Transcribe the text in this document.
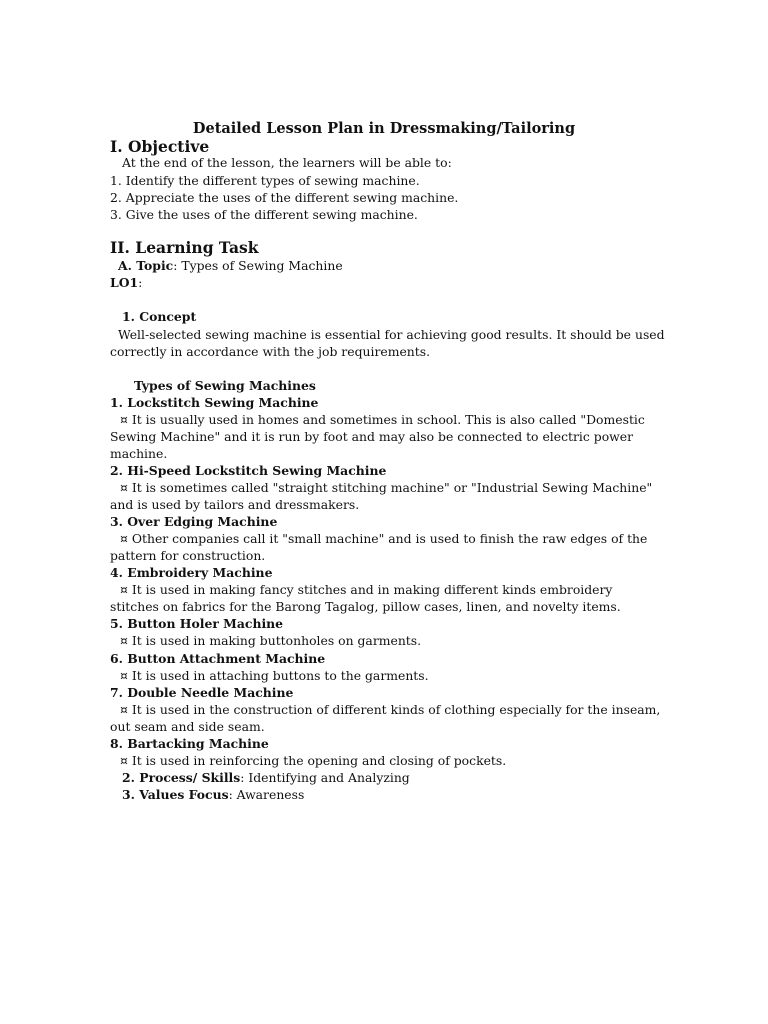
Detailed Lesson Plan in Dressmaking/Tailoring
I. Objective
At the end of the lesson, the learners will be able to:
1. Identify the different types of sewing machine.
2. Appreciate the uses of the different sewing machine.
3. Give the uses of the different sewing machine.
II. Learning Task
A. Topic: Types of Sewing Machine
LO1:
1. Concept
Well-selected sewing machine is essential for achieving good results. It should be used
correctly in accordance with the job requirements.
Types of Sewing Machines
1. Lockstitch Sewing Machine
¤ It is usually used in homes and sometimes in school. This is also called "Domestic
Sewing Machine" and it is run by foot and may also be connected to electric power
machine.
2. Hi-Speed Lockstitch Sewing Machine
¤ It is sometimes called "straight stitching machine" or "Industrial Sewing Machine"
and is used by tailors and dressmakers.
3. Over Edging Machine
¤ Other companies call it "small machine" and is used to finish the raw edges of the
pattern for construction.
4. Embroidery Machine
¤ It is used in making fancy stitches and in making different kinds embroidery
stitches on fabrics for the Barong Tagalog, pillow cases, linen, and novelty items.
5. Button Holer Machine
¤ It is used in making buttonholes on garments.
6. Button Attachment Machine
¤ It is used in attaching buttons to the garments.
7. Double Needle Machine
¤ It is used in the construction of different kinds of clothing especially for the inseam,
out seam and side seam.
8. Bartacking Machine
¤ It is used in reinforcing the opening and closing of pockets.
2. Process/ Skills: Identifying and Analyzing
3. Values Focus: Awareness
